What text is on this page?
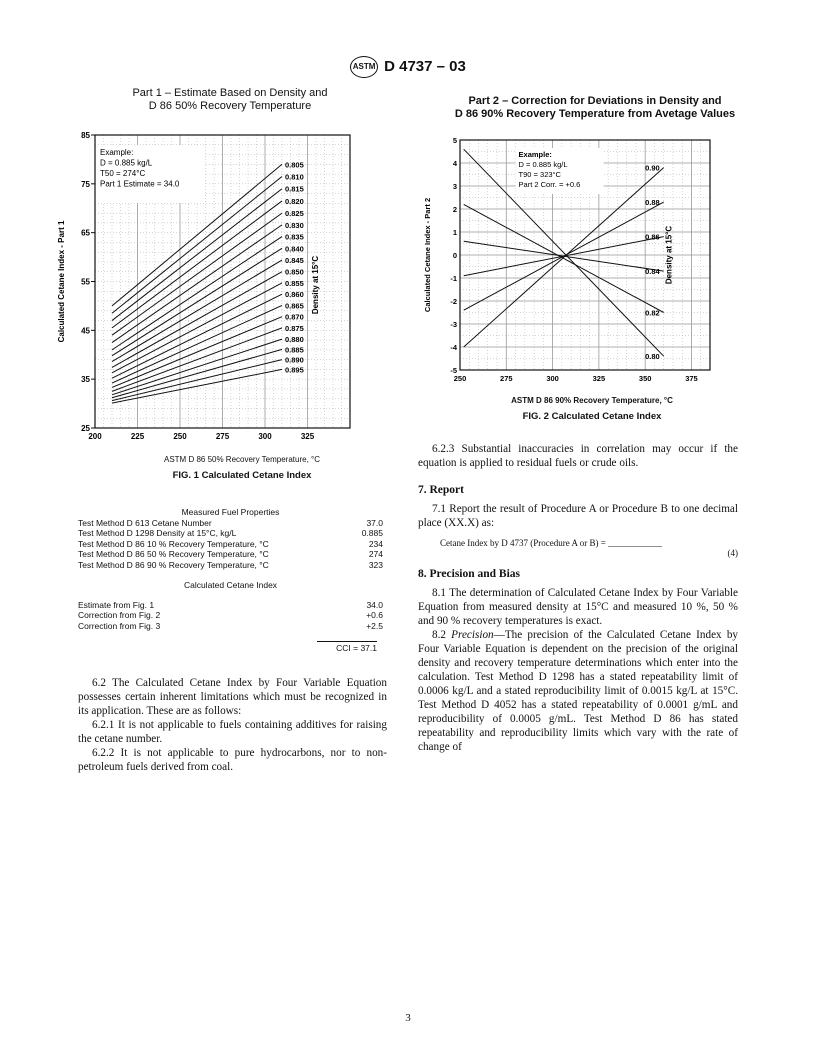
ASTM D 4737 – 03
Part 1 – Estimate Based on Density and
D 86 50% Recovery Temperature
25
35
45
55
65
75
85
200	225	250	275	300	325
Calculated Cetane Index - Part 1
0.805
0.810
0.815
0.820
0.825
0.830
0.835
0.840
0.845
0.850
0.855
0.860
0.865
0.870
0.875
0.880
0.885
0.890
0.895
Density at 15°C
Example:
D = 0.885 kg/L
T50 = 274°C
Part 1 Estimate = 34.0
ASTM D 86 50% Recovery Temperature, °C
FIG. 1 Calculated Cetane Index
Part 2 – Correction for Deviations in Density and
D 86 90% Recovery Temperature from Avetage Values
-5
-4
-3
-2
-1
0
1
2
3
4
5
250	275	300	325	350	375
Calculated Cetane Index - Part 2
0.90
0.88
0.86
0.84
0.82
0.80
Density at 15°C
Example:
D = 0.885 kg/L
T90 = 323°C
Part 2 Corr. = +0.6
ASTM D 86 90% Recovery Temperature, °C
FIG. 2 Calculated Cetane Index
Measured Fuel Properties
Test Method D 613 Cetane Number	37.0
Test Method D 1298 Density at 15°C, kg/L	0.885
Test Method D 86 10 % Recovery Temperature, °C	234
Test Method D 86 50 % Recovery Temperature, °C	274
Test Method D 86 90 % Recovery Temperature, °C	323
Calculated Cetane Index
Estimate from Fig. 1	34.0
Correction from Fig. 2	+0.6
Correction from Fig. 3	+2.5
CCI = 37.1

6.2 The Calculated Cetane Index by Four Variable Equation possesses certain inherent limitations which must be recognized in its application. These are as follows:

6.2.1 It is not applicable to fuels containing additives for raising the cetane number.

6.2.2 It is not applicable to pure hydrocarbons, nor to non-petroleum fuels derived from coal.

6.2.3 Substantial inaccuracies in correlation may occur if the equation is applied to residual fuels or crude oils.

7. Report

7.1 Report the result of Procedure A or Procedure B to one decimal place (XX.X) as:

Cetane Index by D 4737 (Procedure A or B) = ____________
(4)
8. Precision and Bias

8.1 The determination of Calculated Cetane Index by Four Variable Equation from measured density at 15°C and measured 10 %, 50 % and 90 % recovery temperatures is exact.

8.2 Precision—The precision of the Calculated Cetane Index by Four Variable Equation is dependent on the precision of the original density and recovery temperature determinations which enter into the calculation. Test Method D 1298 has a stated repeatability limit of 0.0006 kg/L and a stated reproducibility limit of 0.0015 kg/L at 15°C. Test Method D 4052 has a stated repeatability of 0.0001 g/mL and reproducibility of 0.0005 g/mL. Test Method D 86 has stated repeatability and reproducibility limits which vary with the rate of change of

3
